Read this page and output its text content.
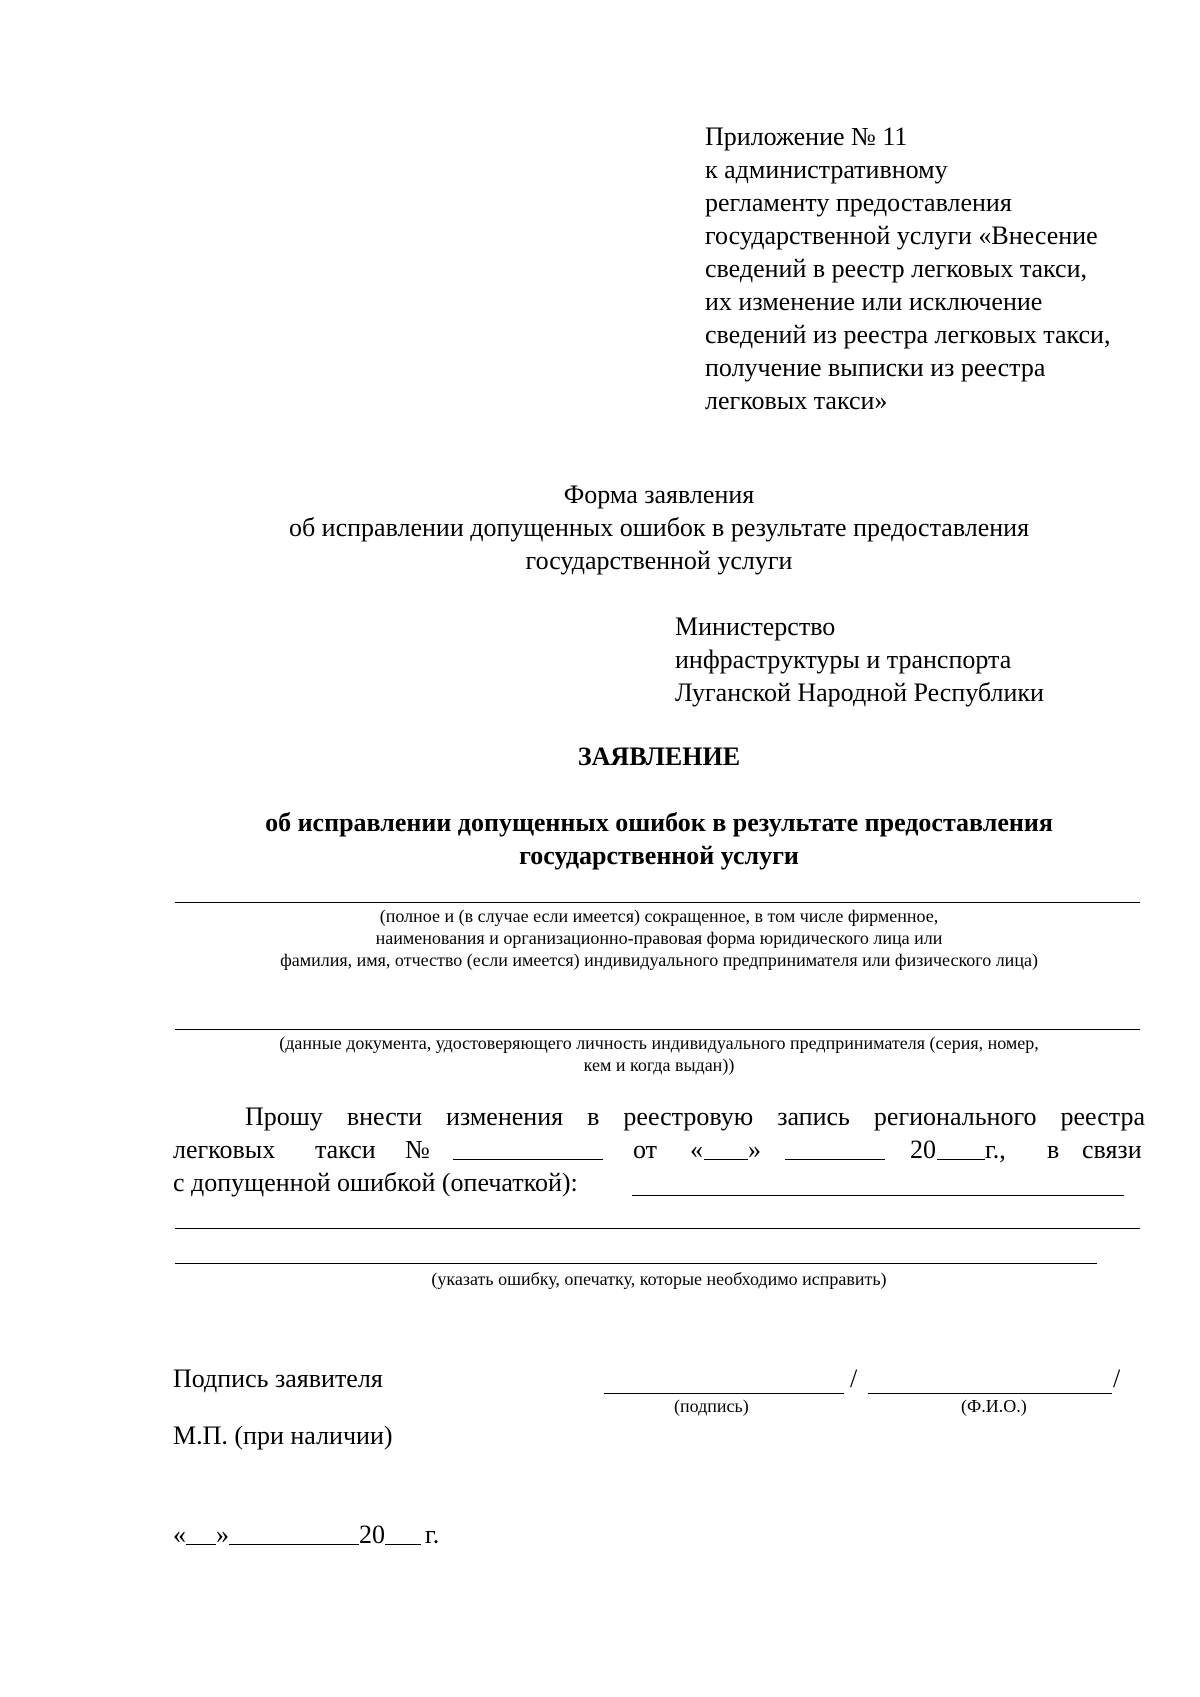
Приложение № 11
к административному
регламенту предоставления
государственной услуги «Внесение
сведений в реестр легковых такси,
их изменение или исключение
сведений из реестра легковых такси,
получение выписки из реестра
легковых такси»
Форма заявления
об исправлении допущенных ошибок в результате предоставления
государственной услуги
Министерство
инфраструктуры и транспорта
Луганской Народной Республики
ЗАЯВЛЕНИЕ
об исправлении допущенных ошибок в результате предоставления
государственной услуги
(полное и (в случае если имеется) сокращенное, в том числе фирменное,
наименования и организационно-правовая форма юридического лица или
фамилия, имя, отчество (если имеется) индивидуального предпринимателя или физического лица)
(данные документа, удостоверяющего личность индивидуального предпринимателя (серия, номер,
кем и когда выдан))
Прошу внести изменения в реестровую запись регионального реестра
легковых такси №	от « »	20 г., в связи
с допущенной ошибкой (опечаткой):
(указать ошибку, опечатку, которые необходимо исправить)
Подпись заявителя	/	/
(подпись)	(Ф.И.О.)
М.П. (при наличии)
« »	20 г.
